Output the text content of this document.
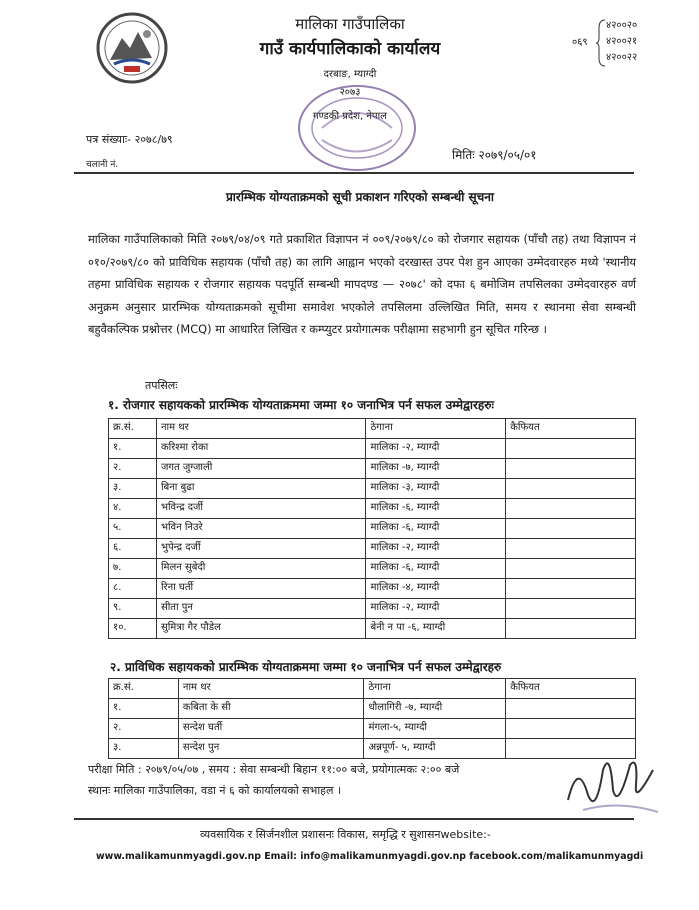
मालिका गाउँपालिका
गाउँ कार्यपालिकाको कार्यालय
दरबाङ, म्याग्दी
२०७३
गण्डकी प्रदेश, नेपाल
०६९
४२००२०
४२००२१
४२००२२
पत्र संख्याः- २०७८/७९
चलानी नं.
मितिः २०७९/०५/०१
प्रारम्भिक योग्यताक्रमको सूची प्रकाशन गरिएको सम्बन्धी सूचना
मालिका गाउँपालिकाको मिति २०७९/०४/०९ गते प्रकाशित विज्ञापन नं ००९/२०७९/८० को रोजगार सहायक (पाँचौ तह) तथा विज्ञापन नं ०१०/२०७९/८० को प्राविधिक सहायक (पाँचौ तह) का लागि आह्वान भएको दरखास्त उपर पेश हुन आएका उम्मेदवारहरु मध्ये 'स्थानीय तहमा प्राविधिक सहायक र रोजगार सहायक पदपूर्ति सम्बन्धी मापदण्ड — २०७८' को दफा ६ बमोजिम तपसिलका उम्मेदवारहरु वर्ण अनुक्रम अनुसार प्रारम्भिक योग्यताक्रमको सूचीमा समावेश भएकोले तपसिलमा उल्लिखित मिति, समय र स्थानमा सेवा सम्बन्धी बहुवैकल्पिक प्रश्नोत्तर (MCQ) मा आधारित लिखित र कम्प्युटर प्रयोगात्मक परीक्षामा सहभागी हुन सूचित गरिन्छ ।
तपसिलः
१. रोजगार सहायकको प्रारम्भिक योग्यताक्रममा जम्मा १० जनाभित्र पर्न सफल उम्मेद्वारहरुः
क्र.सं.	नाम थर	ठेगाना	कैफियत
१.	करिश्मा रोका	मालिका -२, म्याग्दी	
२.	जगत जुग्जाली	मालिका -७, म्याग्दी	
३.	बिना बुढा	मालिका -३, म्याग्दी	
४.	भविन्द्र दर्जी	मालिका -६, म्याग्दी	
५.	भविन निउरे	मालिका -६, म्याग्दी	
६.	भुपेन्द्र दर्जी	मालिका -२, म्याग्दी	
७.	मिलन सुबेदी	मालिका -६, म्याग्दी	
८.	रिना घर्ती	मालिका -४, म्याग्दी	
९.	सीता पुन	मालिका -२, म्याग्दी	
१०.	सुमित्रा गैर पौडेल	बेनी न पा -६, म्याग्दी	
२. प्राविधिक सहायकको प्रारम्भिक योग्यताक्रममा जम्मा १० जनाभित्र पर्न सफल उम्मेद्वारहरु
क्र.सं.	नाम थर	ठेगाना	कैफियत
१.	कबिता के सी	धौलागिरी -७, म्याग्दी	
२.	सन्देश घर्ती	मंगला-५, म्याग्दी	
३.	सन्देश पुन	अन्नपूर्ण- ५, म्याग्दी	
परीक्षा मिति : २०७९/०५/०७ , समय : सेवा सम्बन्धी बिहान ११:०० बजे, प्रयोगात्मकः २:०० बजे
स्थानः मालिका गाउँपालिका, वडा नं ६ को कार्यालयको सभाहल ।
व्यवसायिक र सिर्जनशील प्रशासनः विकास, समृद्धि र सुशासनwebsite:-
www.malikamunmyagdi.gov.np Email: info@malikamunmyagdi.gov.np facebook.com/malikamunmyagdi
